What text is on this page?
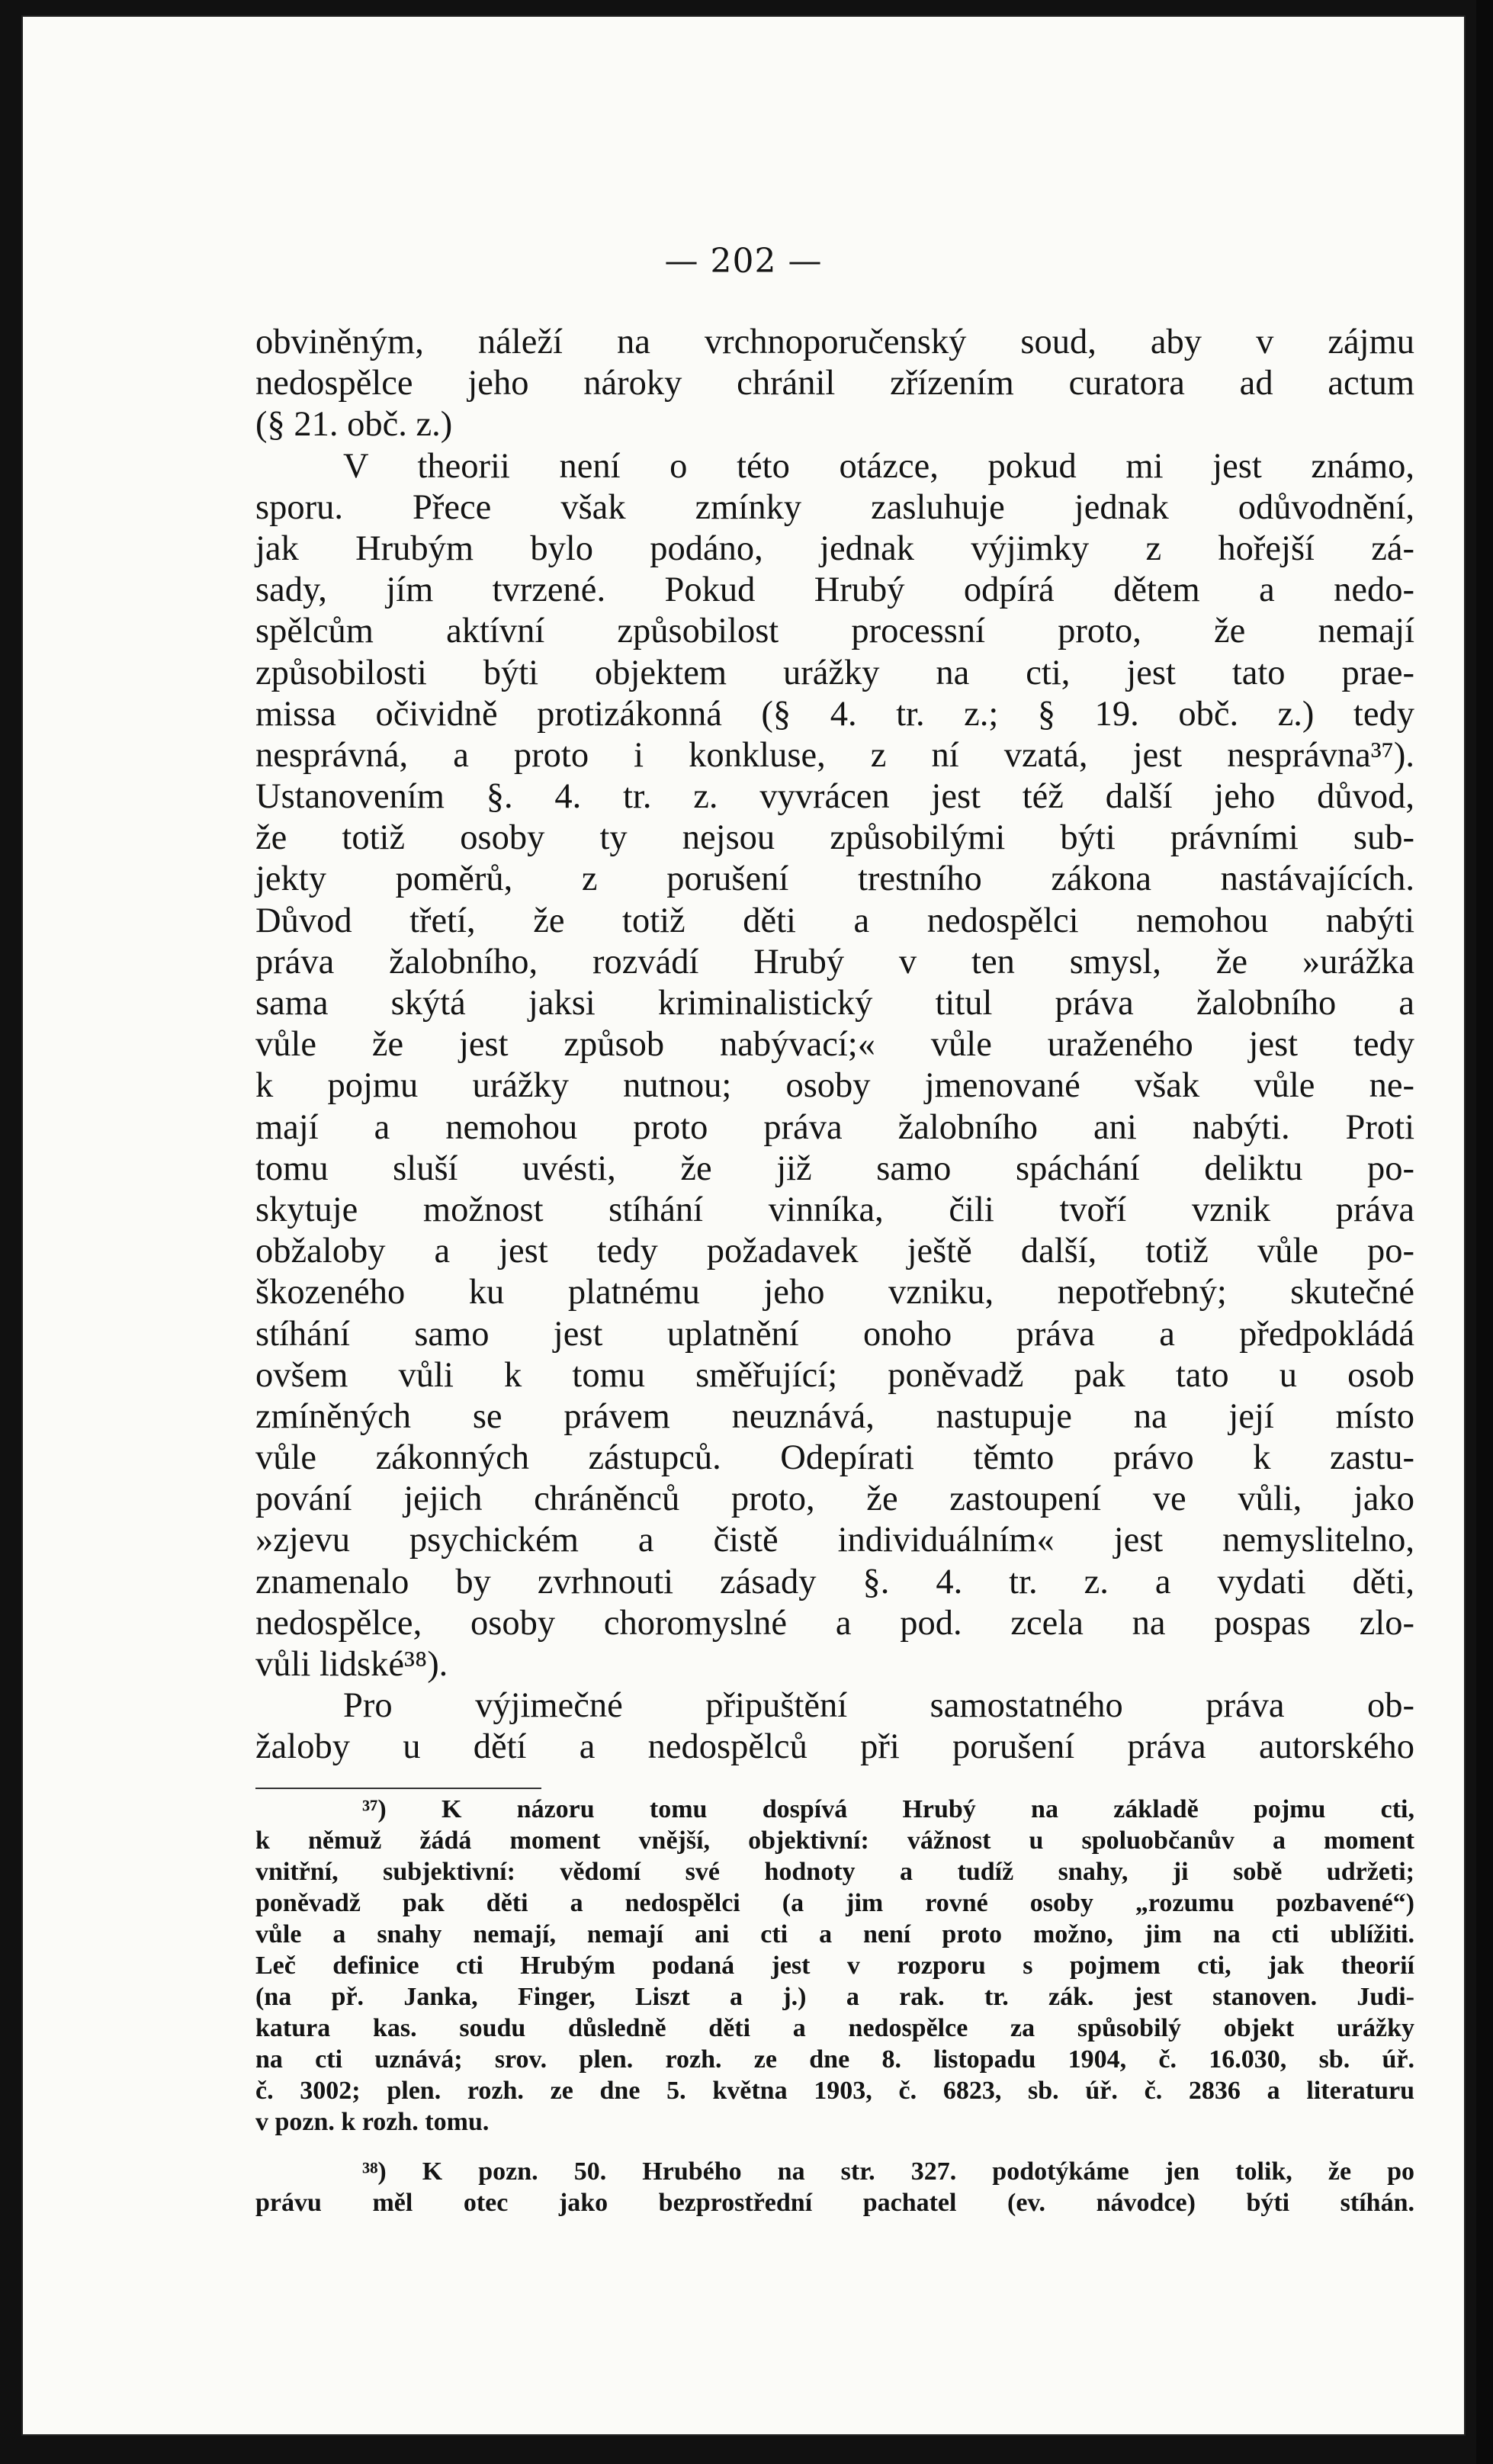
— 202 —
obviněným, náleží na vrchnoporučenský soud, aby v zájmu
nedospělce jeho nároky chránil zřízením curatora ad actum
(§ 21. obč. z.)
V theorii není o této otázce, pokud mi jest známo,
sporu. Přece však zmínky zasluhuje jednak odůvodnění,
jak Hrubým bylo podáno, jednak výjimky z hořejší zá-
sady, jím tvrzené. Pokud Hrubý odpírá dětem a nedo-
spělcům aktívní způsobilost processní proto, že nemají
způsobilosti býti objektem urážky na cti, jest tato prae-
missa očividně protizákonná (§ 4. tr. z.; § 19. obč. z.) tedy
nesprávná, a proto i konkluse, z ní vzatá, jest nesprávna³⁷).
Ustanovením §. 4. tr. z. vyvrácen jest též další jeho důvod,
že totiž osoby ty nejsou způsobilými býti právními sub-
jekty poměrů, z porušení trestního zákona nastávajících.
Důvod třetí, že totiž děti a nedospělci nemohou nabýti
práva žalobního, rozvádí Hrubý v ten smysl, že »urážka
sama skýtá jaksi kriminalistický titul práva žalobního a
vůle že jest způsob nabývací;« vůle uraženého jest tedy
k pojmu urážky nutnou; osoby jmenované však vůle ne-
mají a nemohou proto práva žalobního ani nabýti. Proti
tomu sluší uvésti, že již samo spáchání deliktu po-
skytuje možnost stíhání vinníka, čili tvoří vznik práva
obžaloby a jest tedy požadavek ještě další, totiž vůle po-
škozeného ku platnému jeho vzniku, nepotřebný; skutečné
stíhání samo jest uplatnění onoho práva a předpokládá
ovšem vůli k tomu směřující; poněvadž pak tato u osob
zmíněných se právem neuznává, nastupuje na její místo
vůle zákonných zástupců. Odepírati těmto právo k zastu-
pování jejich chráněnců proto, že zastoupení ve vůli, jako
»zjevu psychickém a čistě individuálním« jest nemyslitelno,
znamenalo by zvrhnouti zásady §. 4. tr. z. a vydati děti,
nedospělce, osoby choromyslné a pod. zcela na pospas zlo-
vůli lidské³⁸).
Pro výjimečné připuštění samostatného práva ob-
žaloby u dětí a nedospělců při porušení práva autorského
³⁷) K názoru tomu dospívá Hrubý na základě pojmu cti,
k němuž žádá moment vnější, objektivní: vážnost u spoluobčanův a moment
vnitřní, subjektivní: vědomí své hodnoty a tudíž snahy, ji sobě udržeti;
poněvadž pak děti a nedospělci (a jim rovné osoby „rozumu pozbavené“)
vůle a snahy nemají, nemají ani cti a není proto možno, jim na cti ublížiti.
Leč definice cti Hrubým podaná jest v rozporu s pojmem cti, jak theorií
(na př. Janka, Finger, Liszt a j.) a rak. tr. zák. jest stanoven. Judi-
katura kas. soudu důsledně děti a nedospělce za spůsobilý objekt urážky
na cti uznává; srov. plen. rozh. ze dne 8. listopadu 1904, č. 16.030, sb. úř.
č. 3002; plen. rozh. ze dne 5. května 1903, č. 6823, sb. úř. č. 2836 a literaturu
v pozn. k rozh. tomu.
³⁸) K pozn. 50. Hrubého na str. 327. podotýkáme jen tolik, že po
právu měl otec jako bezprostřední pachatel (ev. návodce) býti stíhán.
